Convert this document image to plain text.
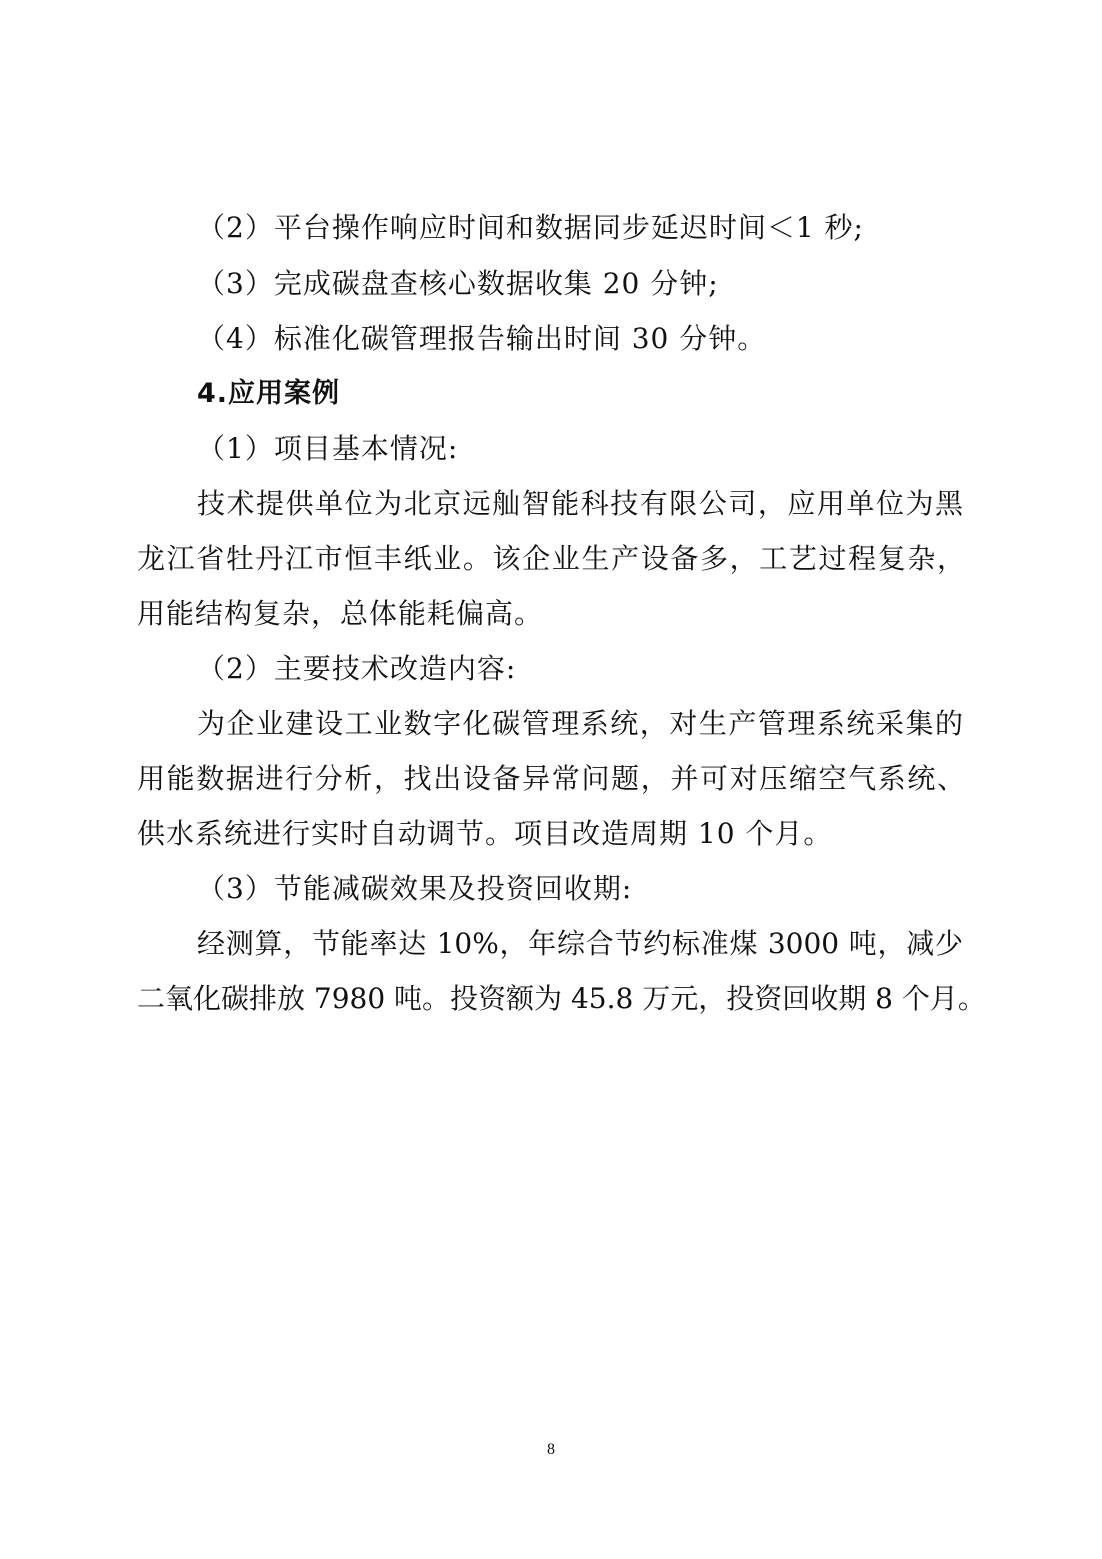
（2）平台操作响应时间和数据同步延迟时间＜1 秒;
（3）完成碳盘查核心数据收集 20 分钟;
（4）标准化碳管理报告输出时间 30 分钟。
4.应用案例
（1）项目基本情况:
技术提供单位为北京远舢智能科技有限公司，应用单位为黑
龙江省牡丹江市恒丰纸业。该企业生产设备多，工艺过程复杂，
用能结构复杂，总体能耗偏高。
（2）主要技术改造内容:
为企业建设工业数字化碳管理系统，对生产管理系统采集的
用能数据进行分析，找出设备异常问题，并可对压缩空气系统、
供水系统进行实时自动调节。项目改造周期 10 个月。
（3）节能减碳效果及投资回收期:
经测算，节能率达 10%，年综合节约标准煤 3000 吨，减少
二氧化碳排放 7980 吨。投资额为 45.8 万元，投资回收期 8 个月。
8
